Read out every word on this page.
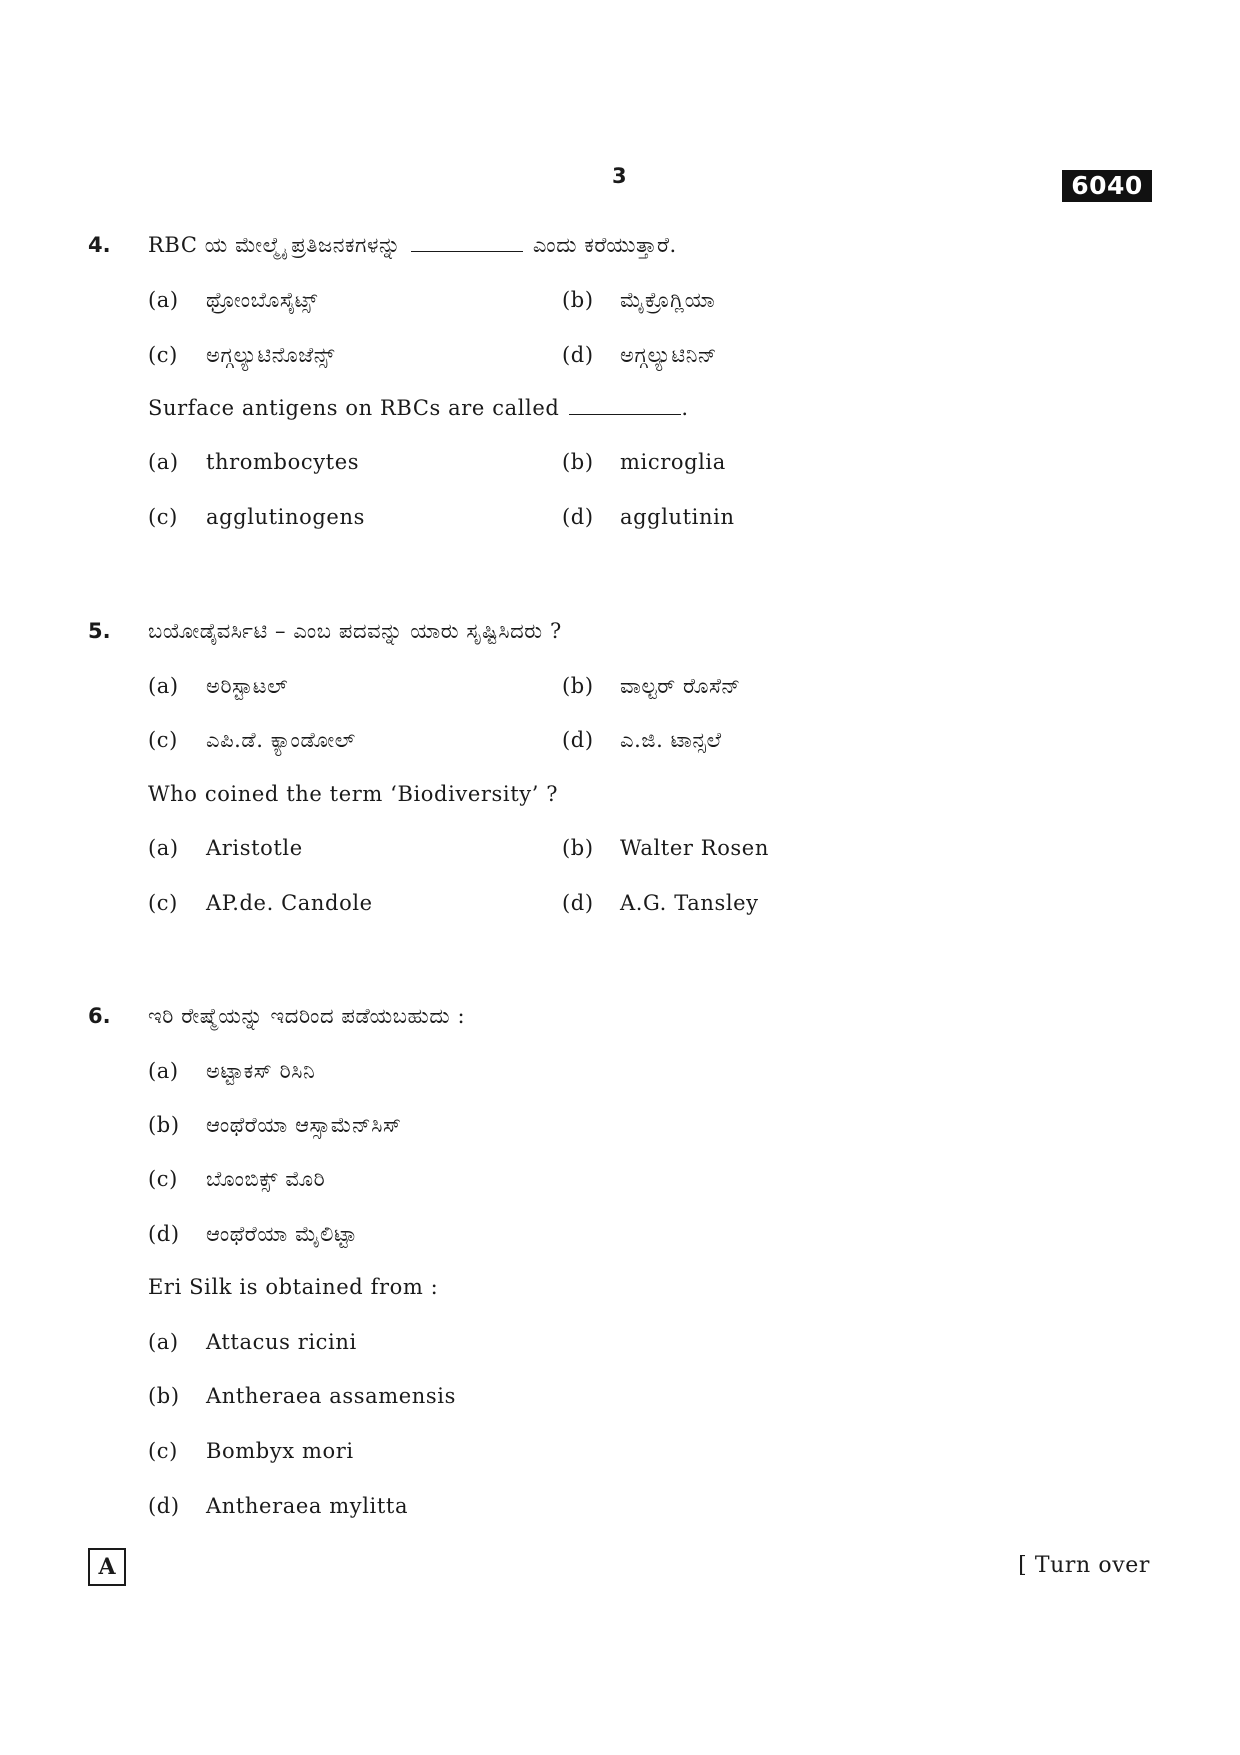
3	6040
4. RBC ಯ ಮೇಲ್ಮೈ ಪ್ರತಿಜನಕಗಳನ್ನು	ಎಂದು ಕರೆಯುತ್ತಾರೆ.
(a) ಥ್ರೋಂಬೊಸೈಟ್ಸ್	(b) ಮೈಕ್ರೊಗ್ಲಿಯಾ
(c) ಅಗ್ಗಲ್ಯುಟಿನೊಜೆನ್ಸ್	(d) ಅಗ್ಗಲ್ಯುಟಿನಿನ್
Surface antigens on RBCs are called	.
(a) thrombocytes	(b) microglia
(c) agglutinogens	(d) agglutinin
5. ಬಯೋಡೈವರ್ಸಿಟಿ – ಎಂಬ ಪದವನ್ನು ಯಾರು ಸೃಷ್ಟಿಸಿದರು ?
(a) ಅರಿಸ್ಟಾಟಲ್	(b) ವಾಲ್ಟರ್ ರೊಸೆನ್
(c) ಎಪಿ.ಡೆ. ಕ್ಯಾಂಡೋಲ್	(d) ಎ.ಜಿ. ಟಾನ್ಸಲೆ
Who coined the term ‘Biodiversity’ ?
(a) Aristotle	(b) Walter Rosen
(c) AP.de. Candole	(d) A.G. Tansley
6. ಇರಿ ರೇಷ್ಮೆಯನ್ನು ಇದರಿಂದ ಪಡೆಯಬಹುದು :
(a) ಅಟ್ಟಾಕಸ್ ರಿಸಿನಿ
(b) ಆಂಥೆರೆಯಾ ಆಸ್ಸಾಮೆನ್‌ಸಿಸ್
(c) ಬೊಂಬಿಕ್ಸ್ ಮೊರಿ
(d) ಆಂಥೆರೆಯಾ ಮೈಲಿಟ್ಟಾ
Eri Silk is obtained from :
(a) Attacus ricini
(b) Antheraea assamensis
(c) Bombyx mori
(d) Antheraea mylitta
A	[ Turn over
